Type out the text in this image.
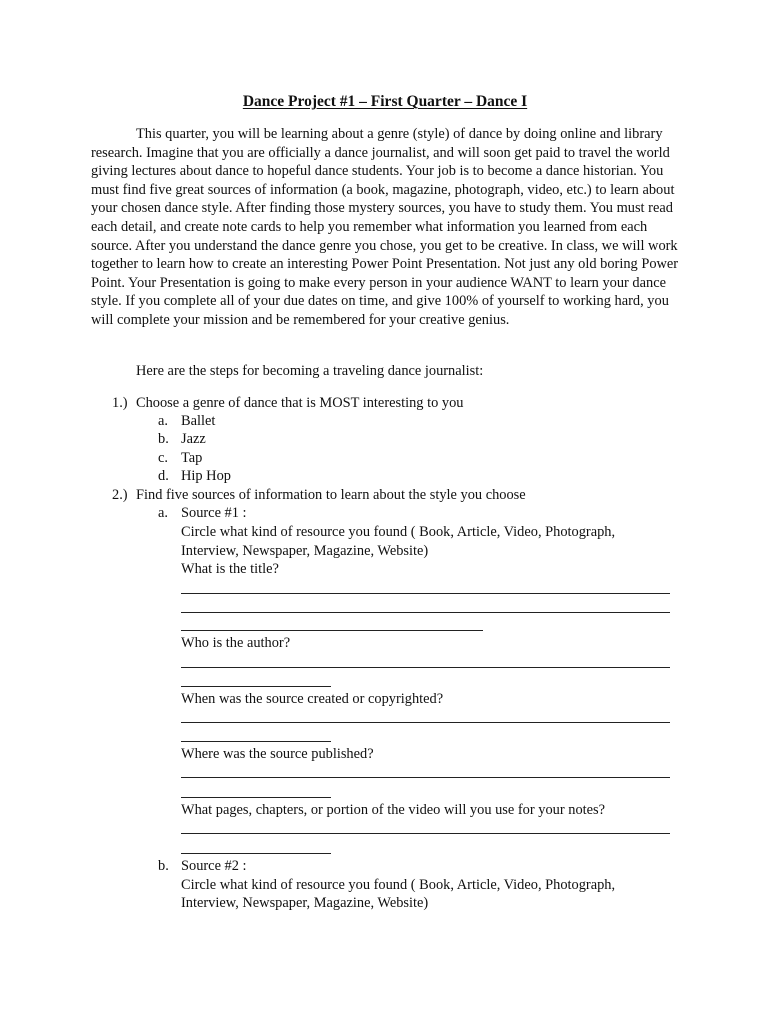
Dance Project #1 – First Quarter – Dance I

This quarter, you will be learning about a genre (style) of dance by doing online and library research. Imagine that you are officially a dance journalist, and will soon get paid to travel the world giving lectures about dance to hopeful dance students. Your job is to become a dance historian. You must find five great sources of information (a book, magazine, photograph, video, etc.) to learn about your chosen dance style. After finding those mystery sources, you have to study them. You must read each detail, and create note cards to help you remember what information you learned from each source. After you understand the dance genre you chose, you get to be creative. In class, we will work together to learn how to create an interesting Power Point Presentation. Not just any old boring Power Point. Your Presentation is going to make every person in your audience WANT to learn your dance style. If you complete all of your due dates on time, and give 100% of yourself to working hard, you will complete your mission and be remembered for your creative genius.

Here are the steps for becoming a traveling dance journalist:

1.) Choose a genre of dance that is MOST interesting to you
a. Ballet
b. Jazz
c. Tap
d. Hip Hop
2.) Find five sources of information to learn about the style you choose
a. Source #1 :
Circle what kind of resource you found ( Book, Article, Video, Photograph,
Interview, Newspaper, Magazine, Website)
What is the title?
Who is the author?
When was the source created or copyrighted?
Where was the source published?
What pages, chapters, or portion of the video will you use for your notes?
b. Source #2 :
Circle what kind of resource you found ( Book, Article, Video, Photograph,
Interview, Newspaper, Magazine, Website)
